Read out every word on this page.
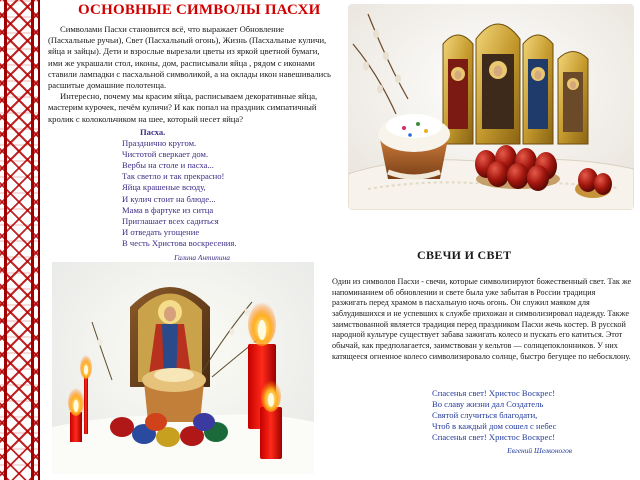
ОСНОВНЫЕ СИМВОЛЫ ПАСХИ

Символами Пасхи становится всё, что выражает Обновление (Пасхальные ручьи), Свет (Пасхальный огонь), Жизнь (Пасхальные куличи, яйца и зайцы). Дети и взрослые вырезали цветы из яркой цветной бумаги, ими же украшали стол, иконы, дом, расписывали яйца , рядом с иконами ставили лампадки с пасхальной символикой, а на оклады икон навешивались расшитые домашние полотенца.

Интересно, почему мы красим яйца, расписываем декоративные яйца, мастерим курочек, печём куличи? И как попал на праздник симпатичный кролик с колокольчиком на шее, который несет яйца?

Пасха.
Празднично кругом.
Чистотой сверкает дом.
Вербы на столе и пасха...
Так светло и так прекрасно!
Яйца крашеные всюду,
И кулич стоит на блюде...
Мама в фартуке из ситца
Приглашает всех садиться
И отведать угощение
В честь Христова воскресения.
Галина Антипина	СВЕЧИ И СВЕТ

Один из символов Пасхи - свечи, которые символизируют божественный свет. Так же напоминанием об обновлении и свете была уже забытая в России традиция разжигать перед храмом в пасхальную ночь огонь. Он служил маяком для заблудившихся и не успевших к службе прихожан и символизировал надежду. Также заимствованной является традиция перед праздником Пасхи жечь костер. В русской народной культуре существует забава зажигать колесо и пускать его катиться. Этот обычай, как предполагается, заимствован у кельтов — солнцепоклонников. У них катящееся огненное колесо символизировало солнце, быстро бегущее по небосклону.

Спасенья свет! Христос Воскрес!
Во славу жизни дал Создатель
Святой случиться благодати,
Чтоб в каждый дом сошел с небес
Спасенья свет! Христос Воскрес!
Евгений Шелконогов
